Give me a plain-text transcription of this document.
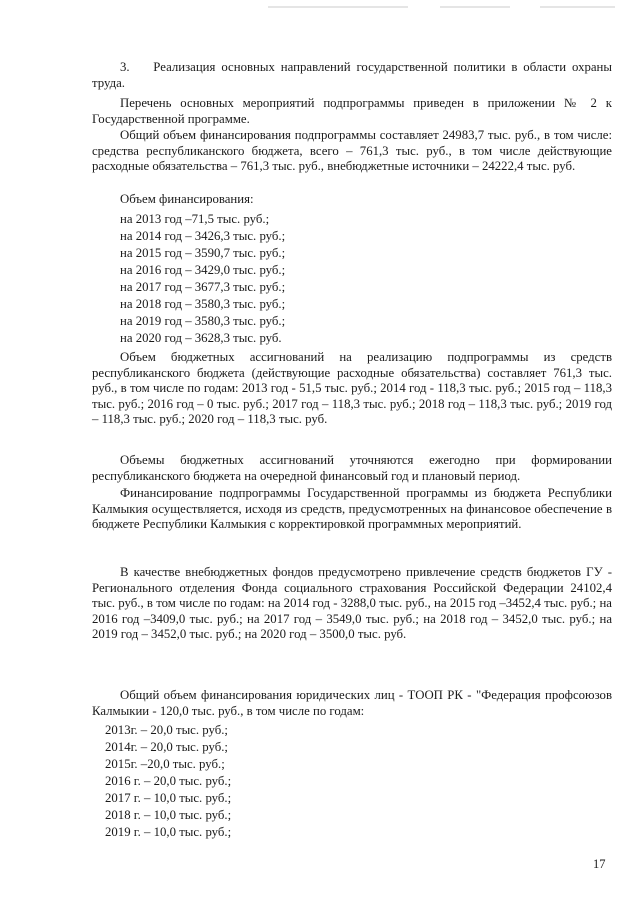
3.    Реализация основных направлений государственной политики в области охраны труда.

Перечень основных мероприятий подпрограммы приведен в приложении № 2 к Государственной программе.

Общий объем финансирования подпрограммы составляет 24983,7 тыс. руб., в том числе: средства республиканского бюджета, всего – 761,3 тыс. руб., в том числе действующие расходные обязательства – 761,3 тыс. руб., внебюджетные источники – 24222,4 тыс. руб.

Объем финансирования:

на 2013 год –71,5 тыс. руб.;

на 2014 год – 3426,3 тыс. руб.;

на 2015 год – 3590,7 тыс. руб.;

на 2016 год – 3429,0 тыс. руб.;

на 2017 год – 3677,3 тыс. руб.;

на 2018 год – 3580,3 тыс. руб.;

на 2019 год – 3580,3 тыс. руб.;

на 2020 год – 3628,3 тыс. руб.

Объем бюджетных ассигнований на реализацию подпрограммы из средств республиканского бюджета (действующие расходные обязательства) составляет 761,3 тыс. руб., в том числе по годам: 2013 год - 51,5 тыс. руб.; 2014 год - 118,3 тыс. руб.; 2015 год – 118,3 тыс. руб.; 2016 год – 0 тыс. руб.; 2017 год – 118,3 тыс. руб.; 2018 год – 118,3 тыс. руб.; 2019 год – 118,3 тыс. руб.; 2020 год – 118,3 тыс. руб.

Объемы бюджетных ассигнований уточняются ежегодно при формировании республиканского бюджета на очередной финансовый год и плановый период.

Финансирование подпрограммы Государственной программы из бюджета Республики Калмыкия осуществляется, исходя из средств, предусмотренных на финансовое обеспечение в бюджете Республики Калмыкия с корректировкой программных мероприятий.

В качестве внебюджетных фондов предусмотрено привлечение средств бюджетов ГУ - Регионального отделения Фонда социального страхования Российской Федерации 24102,4 тыс. руб., в том числе по годам: на 2014 год - 3288,0 тыс. руб., на 2015 год –3452,4 тыс. руб.; на 2016 год –3409,0 тыс. руб.; на 2017 год – 3549,0 тыс. руб.; на 2018 год – 3452,0 тыс. руб.; на 2019 год – 3452,0 тыс. руб.; на 2020 год – 3500,0 тыс. руб.

Общий объем финансирования юридических лиц - ТООП РК - "Федерация профсоюзов Калмыкии - 120,0 тыс. руб., в том числе по годам:

2013г. – 20,0 тыс. руб.;

2014г. – 20,0 тыс. руб.;

2015г. –20,0 тыс. руб.;

2016 г. – 20,0 тыс. руб.;

2017 г. – 10,0 тыс. руб.;

2018 г. – 10,0 тыс. руб.;

2019 г. – 10,0 тыс. руб.;

17
